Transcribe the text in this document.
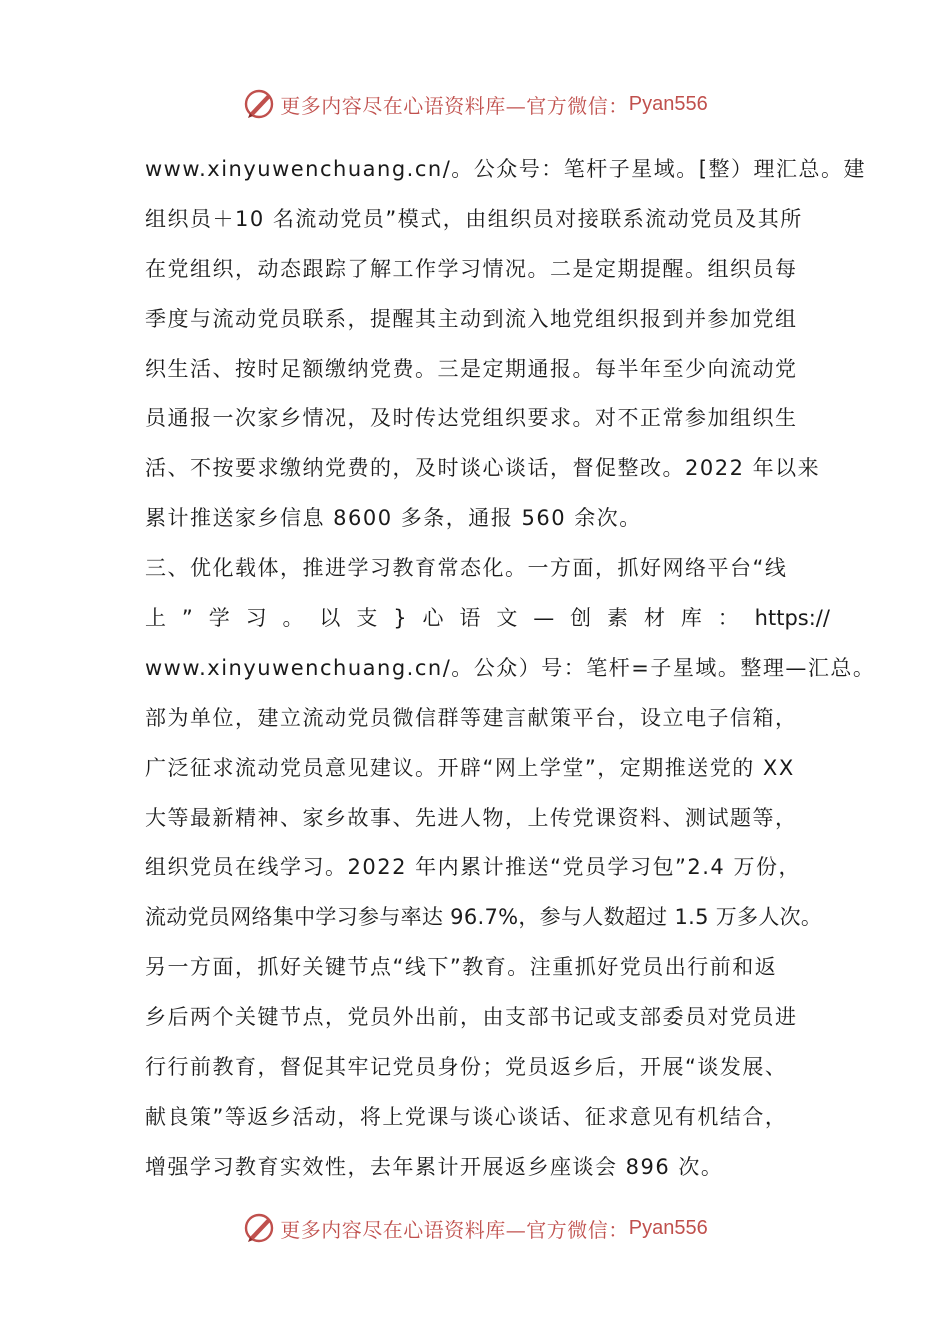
更多内容尽在心语资料库—官方微信： Pyan556
www.xinyuwenchuang.cn/。公众号：笔杆子星域。[整）理汇总。建
组织员＋10 名流动党员”模式，由组织员对接联系流动党员及其所
在党组织，动态跟踪了解工作学习情况。二是定期提醒。组织员每
季度与流动党员联系，提醒其主动到流入地党组织报到并参加党组
织生活、按时足额缴纳党费。三是定期通报。每半年至少向流动党
员通报一次家乡情况，及时传达党组织要求。对不正常参加组织生
活、不按要求缴纳党费的，及时谈心谈话，督促整改。2022 年以来
累计推送家乡信息 8600 多条，通报 560 余次。
三、优化载体，推进学习教育常态化。一方面，抓好网络平台“线
上 ” 学 习 。 以 支 } 心 语 文 — 创 素 材 库 ： https://
www.xinyuwenchuang.cn/。公众）号：笔杆=子星域。整理—汇总。
部为单位，建立流动党员微信群等建言献策平台，设立电子信箱，
广泛征求流动党员意见建议。开辟“网上学堂”，定期推送党的 XX
大等最新精神、家乡故事、先进人物，上传党课资料、测试题等，
组织党员在线学习。2022 年内累计推送“党员学习包”2.4 万份，
流动党员网络集中学习参与率达 96.7%，参与人数超过 1.5 万多人次。
另一方面，抓好关键节点“线下”教育。注重抓好党员出行前和返
乡后两个关键节点，党员外出前，由支部书记或支部委员对党员进
行行前教育，督促其牢记党员身份；党员返乡后，开展“谈发展、
献良策”等返乡活动，将上党课与谈心谈话、征求意见有机结合，
增强学习教育实效性，去年累计开展返乡座谈会 896 次。
更多内容尽在心语资料库—官方微信： Pyan556
